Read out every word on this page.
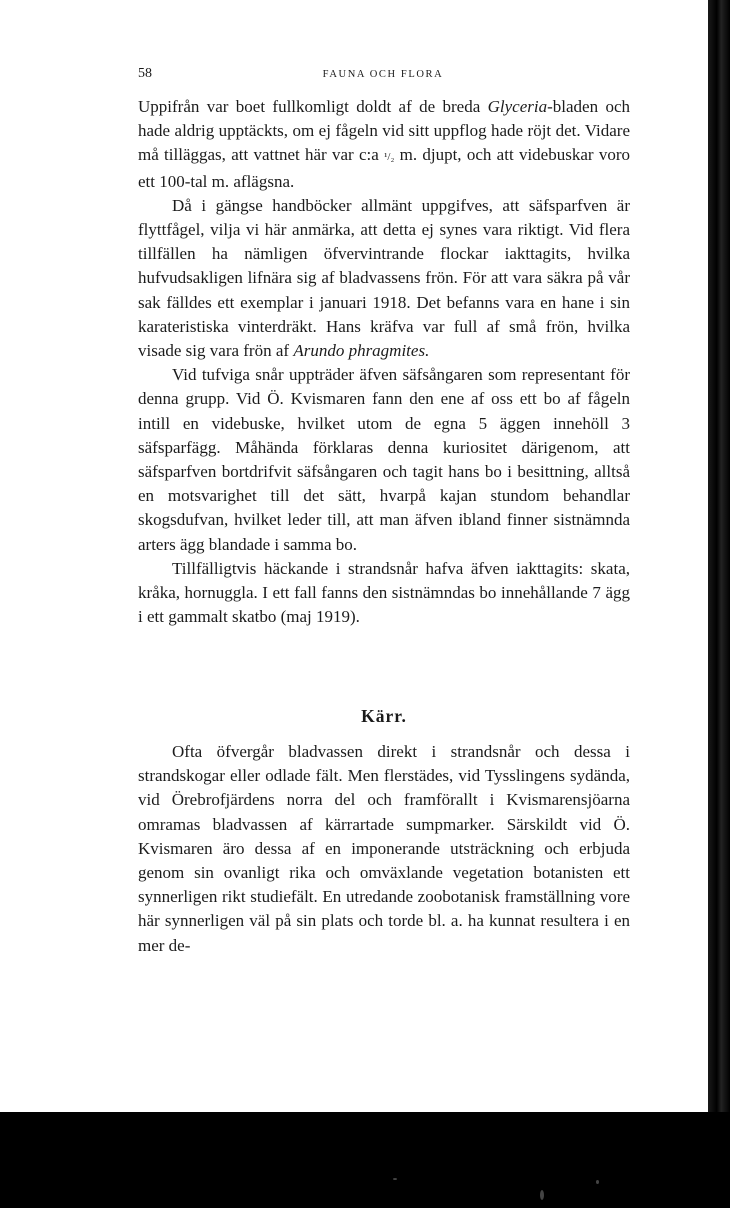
58	FAUNA OCH FLORA

Uppifrån var boet fullkomligt doldt af de breda Glyceria-bladen och hade aldrig upptäckts, om ej fågeln vid sitt uppflog hade röjt det. Vidare må tilläggas, att vattnet här var c:a ¹/₂ m. djupt, och att videbuskar voro ett 100-tal m. aflägsna.

Då i gängse handböcker allmänt uppgifves, att säfsparfven är flyttfågel, vilja vi här anmärka, att detta ej synes vara riktigt. Vid flera tillfällen ha nämligen öfvervintrande flockar iakttagits, hvilka hufvudsakligen lifnära sig af bladvassens frön. För att vara säkra på vår sak fälldes ett exemplar i januari 1918. Det befanns vara en hane i sin karateristiska vinterdräkt. Hans kräfva var full af små frön, hvilka visade sig vara frön af Arundo phragmites.

Vid tufviga snår uppträder äfven säfsångaren som representant för denna grupp. Vid Ö. Kvismaren fann den ene af oss ett bo af fågeln intill en videbuske, hvilket utom de egna 5 äggen innehöll 3 säfsparfägg. Måhända förklaras denna kuriositet därigenom, att säfsparfven bortdrifvit säfsångaren och tagit hans bo i besittning, alltså en motsvarighet till det sätt, hvarpå kajan stundom behandlar skogsdufvan, hvilket leder till, att man äfven ibland finner sistnämnda arters ägg blandade i samma bo.

Tillfälligtvis häckande i strandsnår hafva äfven iakttagits: skata, kråka, hornuggla. I ett fall fanns den sistnämndas bo innehållande 7 ägg i ett gammalt skatbo (maj 1919).

Kärr.

Ofta öfvergår bladvassen direkt i strandsnår och dessa i strandskogar eller odlade fält. Men flerstädes, vid Tysslingens sydända, vid Örebrofjärdens norra del och framförallt i Kvismarensjöarna omramas bladvassen af kärrartade sumpmarker. Särskildt vid Ö. Kvismaren äro dessa af en imponerande utsträckning och erbjuda genom sin ovanligt rika och omväxlande vegetation botanisten ett synnerligen rikt studiefält. En utredande zoobotanisk framställning vore här synnerligen väl på sin plats och torde bl. a. ha kunnat resultera i en mer de-
